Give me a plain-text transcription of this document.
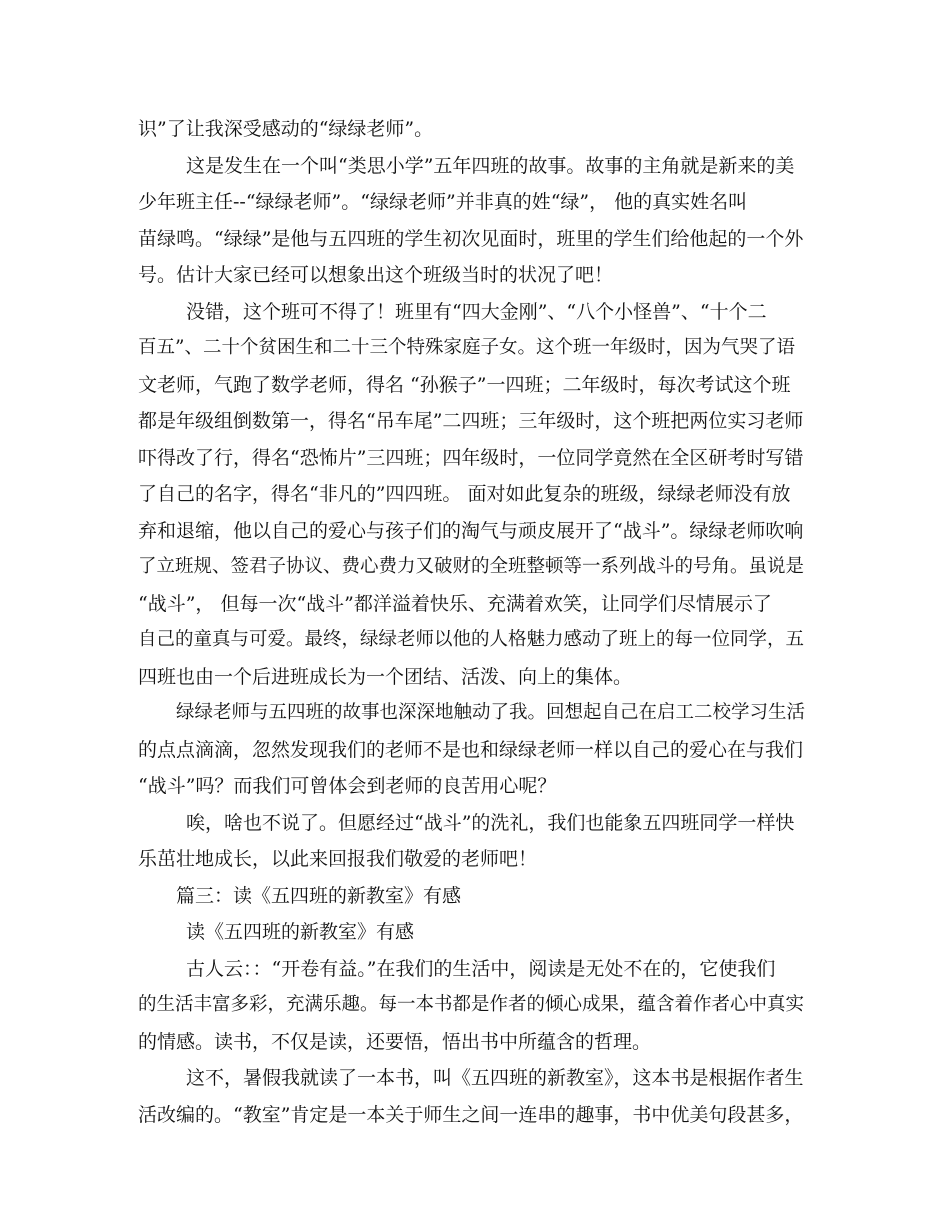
识”了让我深受感动的“绿绿老师”。
这是发生在一个叫“类思小学”五年四班的故事。故事的主角就是新来的美
少年班主任--“绿绿老师”。“绿绿老师”并非真的姓“绿”， 他的真实姓名叫
苗绿鸣。“绿绿”是他与五四班的学生初次见面时，班里的学生们给他起的一个外
号。估计大家已经可以想象出这个班级当时的状况了吧！
没错，这个班可不得了！班里有“四大金刚”、“八个小怪兽”、“十个二
百五”、二十个贫困生和二十三个特殊家庭子女。这个班一年级时，因为气哭了语
文老师，气跑了数学老师，得名 “孙猴子”一四班；二年级时，每次考试这个班
都是年级组倒数第一，得名“吊车尾”二四班；三年级时，这个班把两位实习老师
吓得改了行，得名“恐怖片”三四班；四年级时，一位同学竟然在全区研考时写错
了自己的名字，得名“非凡的”四四班。 面对如此复杂的班级，绿绿老师没有放
弃和退缩，他以自己的爱心与孩子们的淘气与顽皮展开了“战斗”。绿绿老师吹响
了立班规、签君子协议、费心费力又破财的全班整顿等一系列战斗的号角。虽说是
“战斗”， 但每一次“战斗”都洋溢着快乐、充满着欢笑，让同学们尽情展示了
自己的童真与可爱。最终，绿绿老师以他的人格魅力感动了班上的每一位同学，五
四班也由一个后进班成长为一个团结、活泼、向上的集体。
绿绿老师与五四班的故事也深深地触动了我。回想起自己在启工二校学习生活
的点点滴滴，忽然发现我们的老师不是也和绿绿老师一样以自己的爱心在与我们
“战斗”吗？而我们可曾体会到老师的良苦用心呢？
唉，啥也不说了。但愿经过“战斗”的洗礼，我们也能象五四班同学一样快
乐茁壮地成长，以此来回报我们敬爱的老师吧！
篇三：读《五四班的新教室》有感
读《五四班的新教室》有感
古人云：：“开卷有益。”在我们的生活中，阅读是无处不在的，它使我们
的生活丰富多彩，充满乐趣。每一本书都是作者的倾心成果，蕴含着作者心中真实
的情感。读书，不仅是读，还要悟，悟出书中所蕴含的哲理。
这不，暑假我就读了一本书，叫《五四班的新教室》，这本书是根据作者生
活改编的。“教室”肯定是一本关于师生之间一连串的趣事，书中优美句段甚多，
